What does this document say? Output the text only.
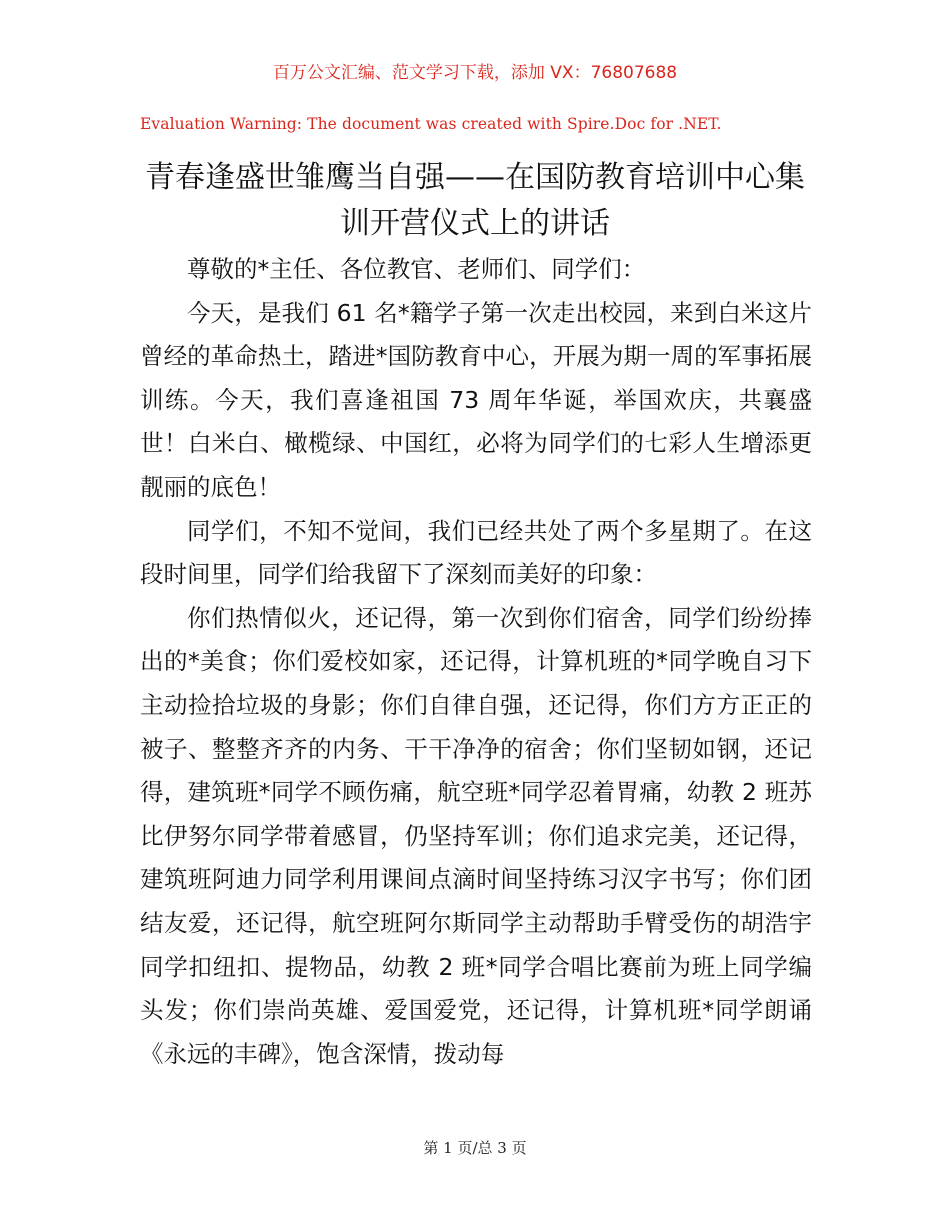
百万公文汇编、范文学习下载，添加 VX：76807688
Evaluation Warning: The document was created with Spire.Doc for .NET.
青春逢盛世雏鹰当自强——在国防教育培训中心集训开营仪式上的讲话

尊敬的*主任、各位教官、老师们、同学们：

今天，是我们 61 名*籍学子第一次走出校园，来到白米这片曾经的革命热土，踏进*国防教育中心，开展为期一周的军事拓展训练。今天，我们喜逢祖国 73 周年华诞，举国欢庆，共襄盛世！白米白、橄榄绿、中国红，必将为同学们的七彩人生增添更靓丽的底色！

同学们，不知不觉间，我们已经共处了两个多星期了。在这段时间里，同学们给我留下了深刻而美好的印象：

你们热情似火，还记得，第一次到你们宿舍，同学们纷纷捧出的*美食；你们爱校如家，还记得，计算机班的*同学晚自习下主动捡拾垃圾的身影；你们自律自强，还记得，你们方方正正的被子、整整齐齐的内务、干干净净的宿舍；你们坚韧如钢，还记得，建筑班*同学不顾伤痛，航空班*同学忍着胃痛，幼教 2 班苏比伊努尔同学带着感冒，仍坚持军训；你们追求完美，还记得，建筑班阿迪力同学利用课间点滴时间坚持练习汉字书写；你们团结友爱，还记得，航空班阿尔斯同学主动帮助手臂受伤的胡浩宇同学扣纽扣、提物品，幼教 2 班*同学合唱比赛前为班上同学编头发；你们崇尚英雄、爱国爱党，还记得，计算机班*同学朗诵《永远的丰碑》，饱含深情，拨动每

第 1 页/总 3 页
